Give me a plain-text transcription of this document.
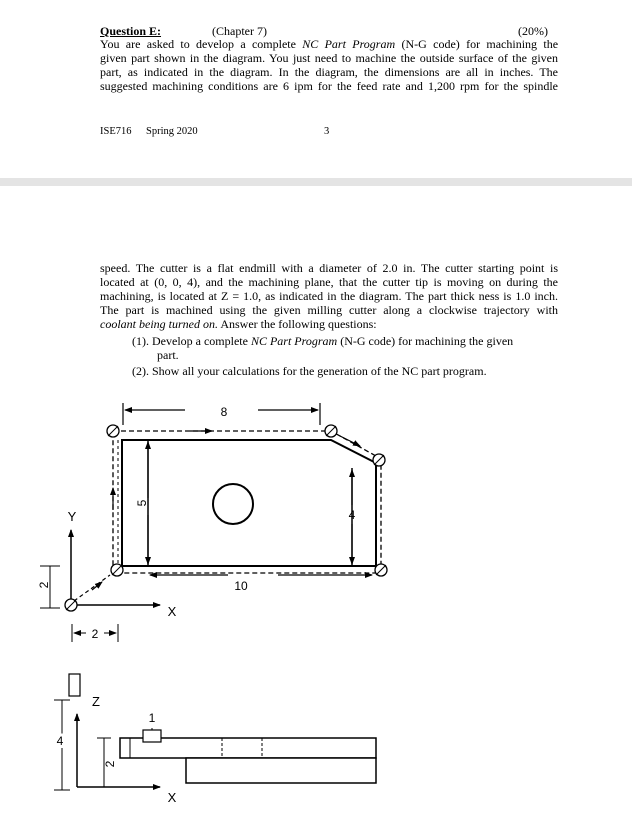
Question E:	(Chapter 7)	(20%)
You are asked to develop a complete NC Part Program (N-G code) for machining the
given part shown in the diagram. You just need to machine the outside surface of the given
part, as indicated in the diagram. In the diagram, the dimensions are all in inches. The
suggested machining conditions are 6 ipm for the feed rate and 1,200 rpm for the spindle
ISE716 Spring 2020	3
speed. The cutter is a flat endmill with a diameter of 2.0 in. The cutter starting point is
located at (0, 0, 4), and the machining plane, that the cutter tip is moving on during the
machining, is located at Z = 1.0, as indicated in the diagram. The part thick ness is 1.0 inch.
The part is machined using the given milling cutter along a clockwise trajectory with
coolant being turned on. Answer the following questions:
(1). Develop a complete NC Part Program (N-G code) for machining the given
part.
(2). Show all your calculations for the generation of the NC part program.
8
5
4
10
Y
X
2
2
Z
X
4
2
1
